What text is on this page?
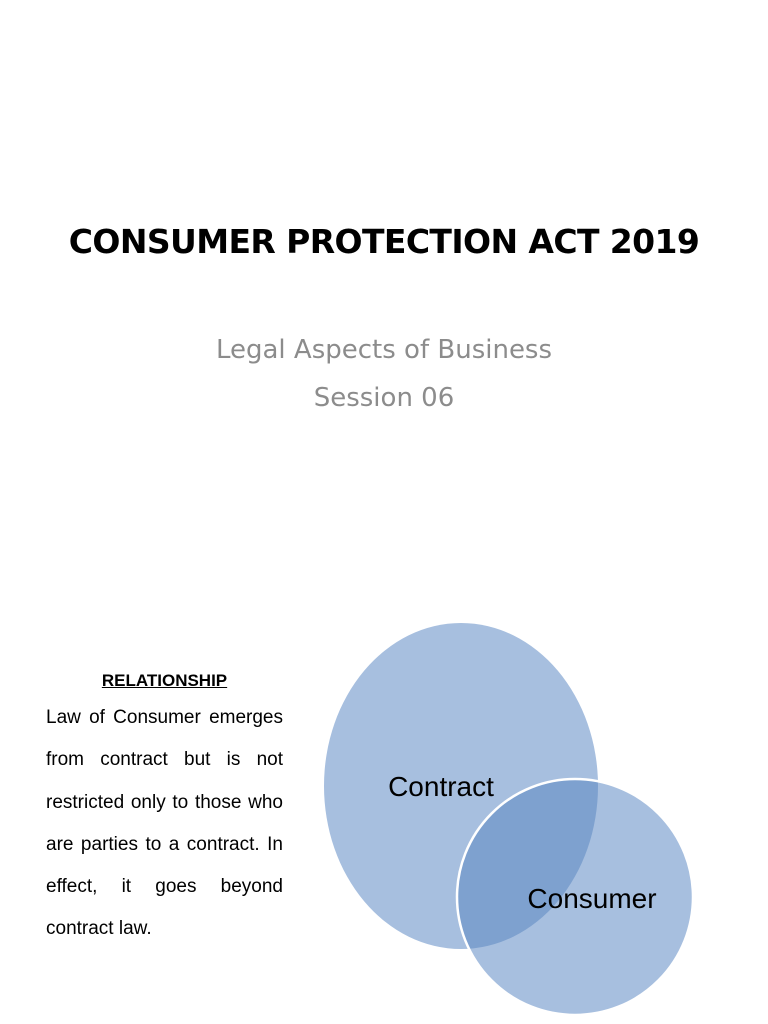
CONSUMER PROTECTION ACT 2019

Legal Aspects of Business

Session 06

RELATIONSHIP

Law of Consumer emerges from contract but is not restricted only to those who are parties to a contract. In effect, it goes beyond contract law.

Contract
Consumer
